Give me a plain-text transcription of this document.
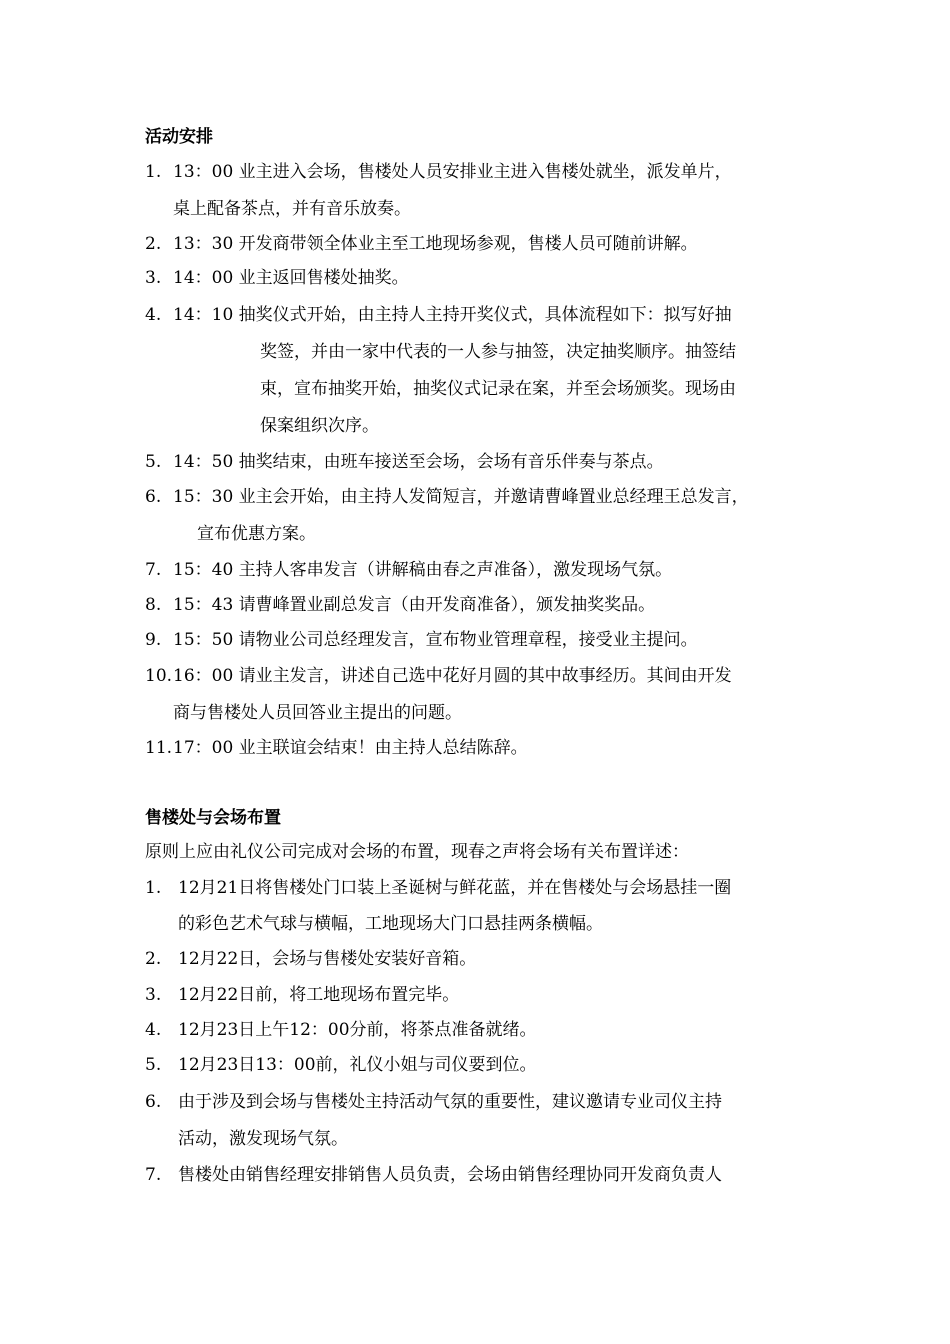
活动安排
1. 13：00 业主进入会场，售楼处人员安排业主进入售楼处就坐，派发单片，
桌上配备茶点，并有音乐放奏。
2. 13：30 开发商带领全体业主至工地现场参观，售楼人员可随前讲解。
3. 14：00 业主返回售楼处抽奖。
4. 14：10 抽奖仪式开始，由主持人主持开奖仪式，具体流程如下：拟写好抽
奖签，并由一家中代表的一人参与抽签，决定抽奖顺序。抽签结
束，宣布抽奖开始，抽奖仪式记录在案，并至会场颁奖。现场由
保案组织次序。
5. 14：50 抽奖结束，由班车接送至会场，会场有音乐伴奏与茶点。
6. 15：30 业主会开始，由主持人发简短言，并邀请曹峰置业总经理王总发言，
宣布优惠方案。
7. 15：40 主持人客串发言（讲解稿由春之声准备），激发现场气氛。
8. 15：43 请曹峰置业副总发言（由开发商准备），颁发抽奖奖品。
9. 15：50 请物业公司总经理发言，宣布物业管理章程，接受业主提问。
10. 16：00 请业主发言，讲述自己选中花好月圆的其中故事经历。其间由开发
商与售楼处人员回答业主提出的问题。
11. 17：00 业主联谊会结束！由主持人总结陈辞。
售楼处与会场布置
原则上应由礼仪公司完成对会场的布置，现春之声将会场有关布置详述：
1. 12月21日将售楼处门口装上圣诞树与鲜花蓝，并在售楼处与会场悬挂一圈
的彩色艺术气球与横幅，工地现场大门口悬挂两条横幅。
2. 12月22日，会场与售楼处安装好音箱。
3. 12月22日前，将工地现场布置完毕。
4. 12月23日上午12：00分前，将茶点准备就绪。
5. 12月23日13：00前，礼仪小姐与司仪要到位。
6. 由于涉及到会场与售楼处主持活动气氛的重要性，建议邀请专业司仪主持
活动，激发现场气氛。
7. 售楼处由销售经理安排销售人员负责，会场由销售经理协同开发商负责人
